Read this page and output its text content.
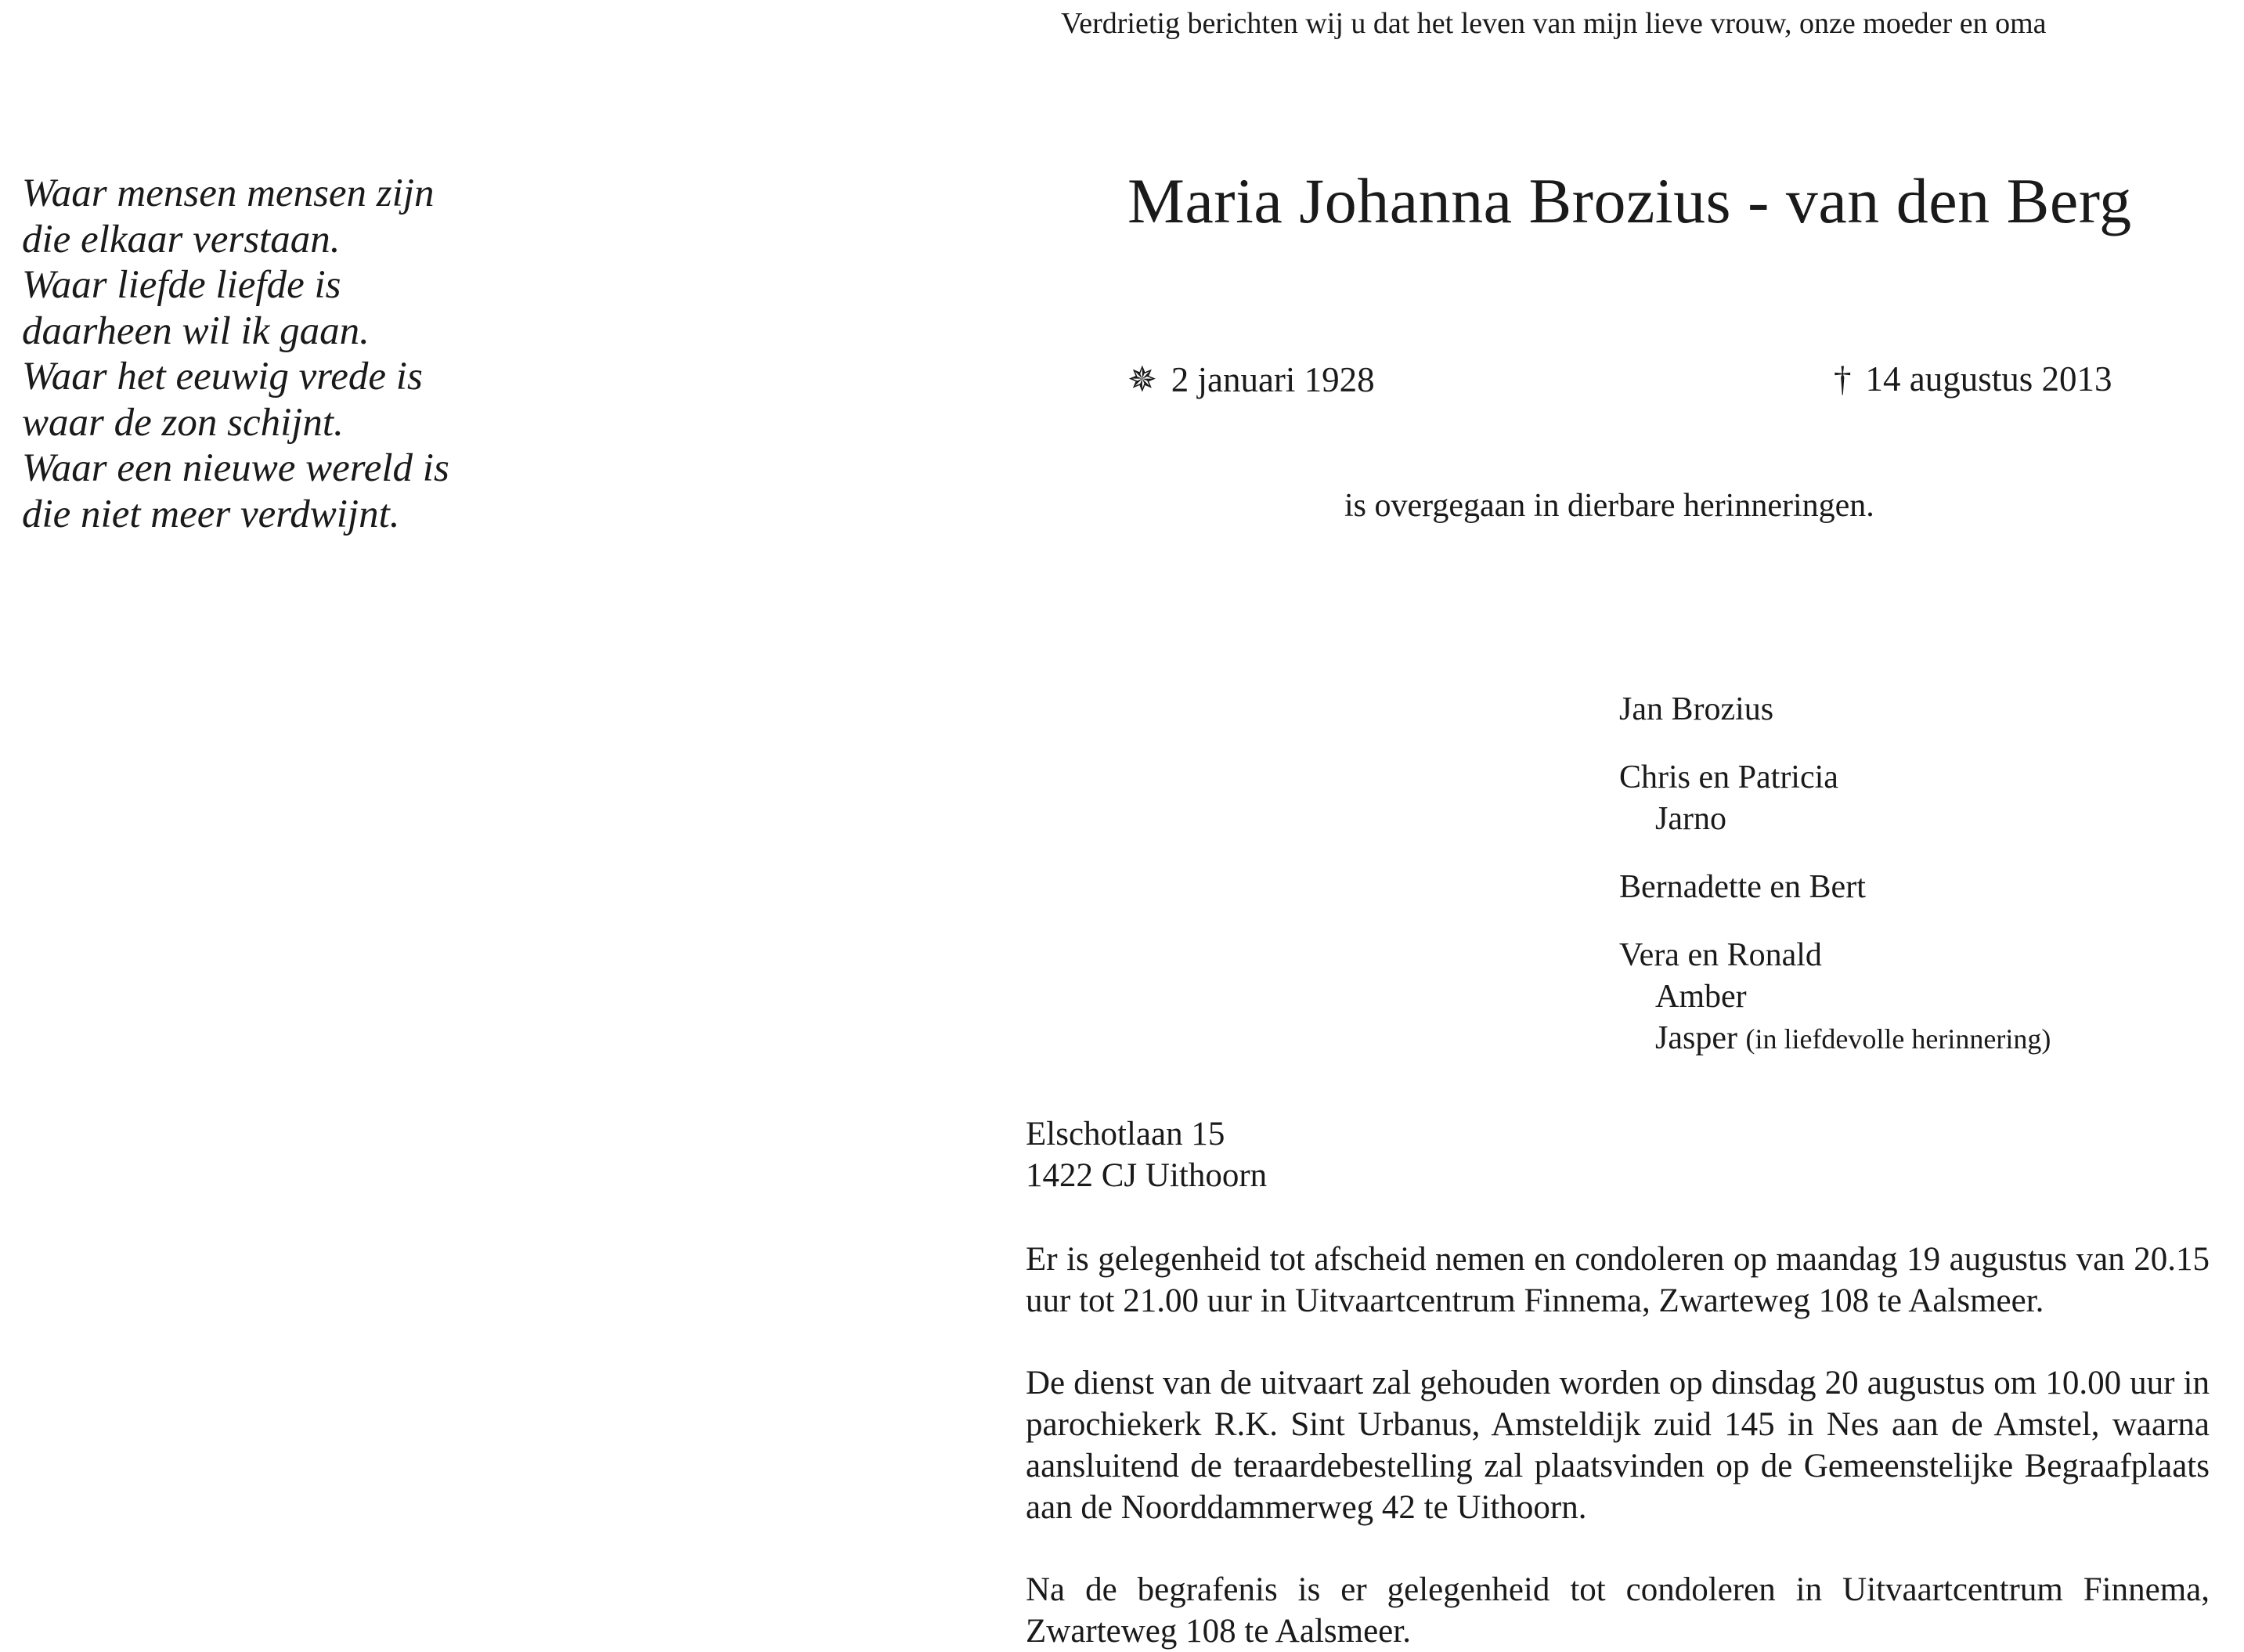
Waar mensen mensen zijn
die elkaar verstaan.
Waar liefde liefde is
daarheen wil ik gaan.
Waar het eeuwig vrede is
waar de zon schijnt.
Waar een nieuwe wereld is
die niet meer verdwijnt.
Verdrietig berichten wij u dat het leven van mijn lieve vrouw, onze moeder en oma
Maria Johanna Brozius - van den Berg
✵ 2 januari 1928	† 14 augustus 2013
is overgegaan in dierbare herinneringen.
Jan Brozius
Chris en Patricia
Jarno
Bernadette en Bert
Vera en Ronald
Amber
Jasper (in liefdevolle herinnering)
Elschotlaan 15
1422 CJ Uithoorn
Er is gelegenheid tot afscheid nemen en condoleren op maandag 19 augustus van 20.15 uur tot 21.00 uur in Uitvaartcentrum Finnema, Zwarteweg 108 te Aalsmeer.
De dienst van de uitvaart zal gehouden worden op dinsdag 20 augustus om 10.00 uur in parochiekerk R.K. Sint Urbanus, Amsteldijk zuid 145 in Nes aan de Amstel, waarna aansluitend de teraardebestelling zal plaatsvinden op de Gemeenstelijke Begraafplaats aan de Noorddammerweg 42 te Uithoorn.
Na de begrafenis is er gelegenheid tot condoleren in Uitvaartcentrum Finnema, Zwarteweg 108 te Aalsmeer.
